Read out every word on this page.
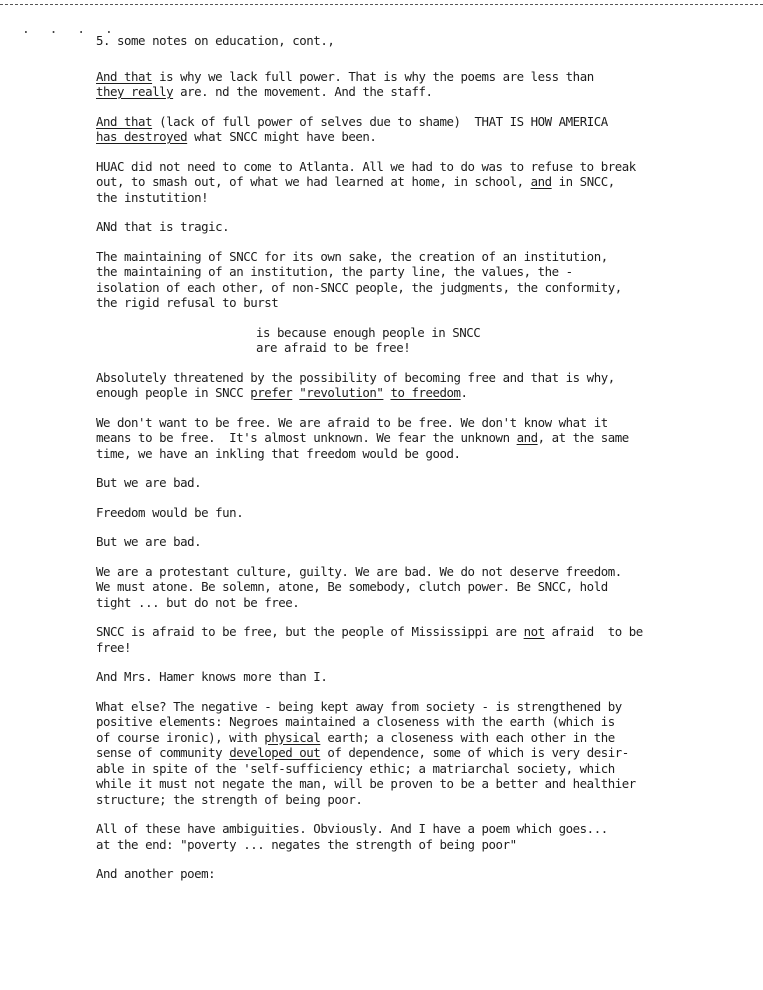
. . . .
5. some notes on education, cont.,
And that is why we lack full power. That is why the poems are less than
they really are. nd the movement. And the staff.
And that (lack of full power of selves due to shame)  THAT IS HOW AMERICA
has destroyed what SNCC might have been.
HUAC did not need to come to Atlanta. All we had to do was to refuse to break
out, to smash out, of what we had learned at home, in school, and in SNCC,
the instutition!
ANd that is tragic.
The maintaining of SNCC for its own sake, the creation of an institution,
the maintaining of an institution, the party line, the values, the -
isolation of each other, of non-SNCC people, the judgments, the conformity,
the rigid refusal to burst
is because enough people in SNCC
are afraid to be free!
Absolutely threatened by the possibility of becoming free and that is why,
enough people in SNCC prefer "revolution" to freedom.
We don't want to be free. We are afraid to be free. We don't know what it
means to be free.  It's almost unknown. We fear the unknown and, at the same
time, we have an inkling that freedom would be good.
But we are bad.
Freedom would be fun.
But we are bad.
We are a protestant culture, guilty. We are bad. We do not deserve freedom.
We must atone. Be solemn, atone, Be somebody, clutch power. Be SNCC, hold
tight ... but do not be free.
SNCC is afraid to be free, but the people of Mississippi are not afraid  to be
free!
And Mrs. Hamer knows more than I.
What else? The negative - being kept away from society - is strengthened by
positive elements: Negroes maintained a closeness with the earth (which is
of course ironic), with physical earth; a closeness with each other in the
sense of community developed out of dependence, some of which is very desir-
able in spite of the 'self-sufficiency ethic; a matriarchal society, which
while it must not negate the man, will be proven to be a better and healthier
structure; the strength of being poor.
All of these have ambiguities. Obviously. And I have a poem which goes...
at the end: "poverty ... negates the strength of being poor"
And another poem:
